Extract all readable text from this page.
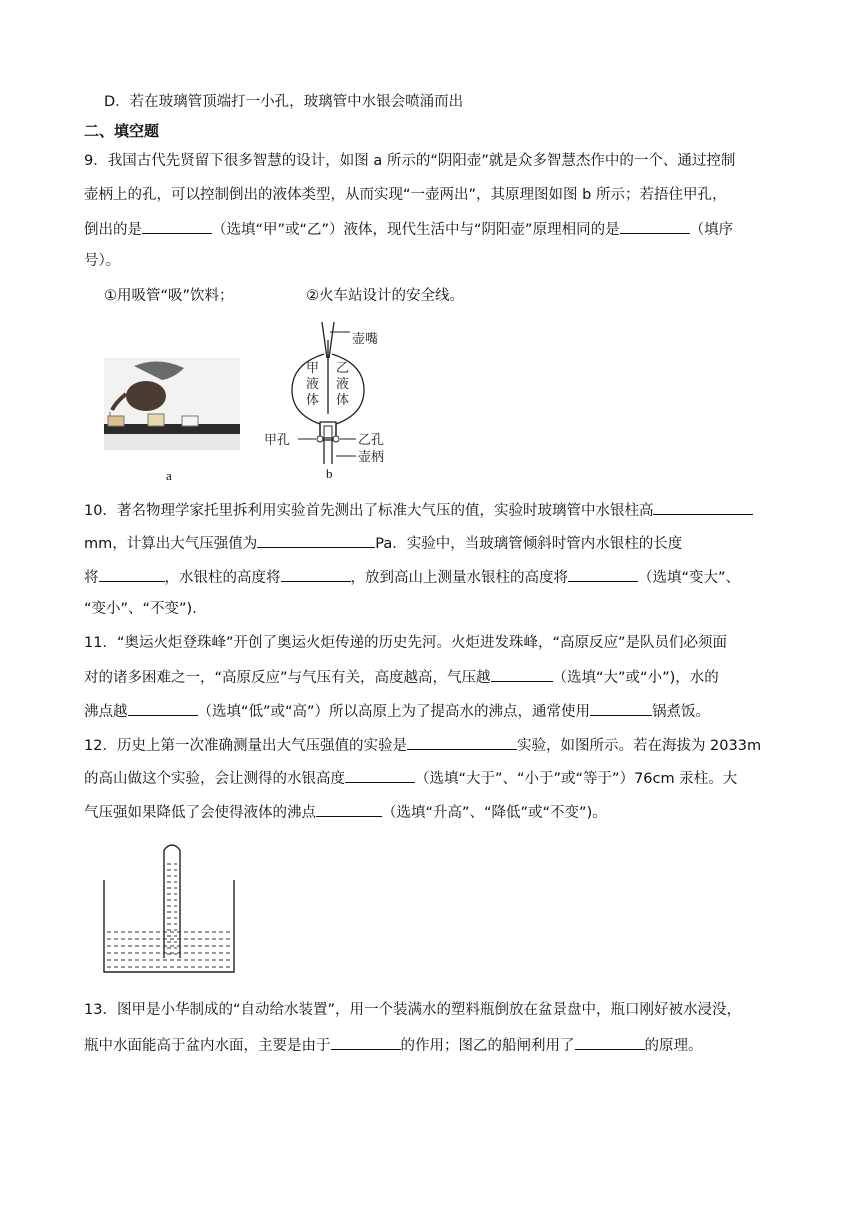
D．若在玻璃管顶端打一小孔，玻璃管中水银会喷涌而出
二、填空题
9．我国古代先贤留下很多智慧的设计，如图 a 所示的“阴阳壶”就是众多智慧杰作中的一个、通过控制
壶柄上的孔，可以控制倒出的液体类型，从而实现“一壶两出”，其原理图如图 b 所示；若捂住甲孔，
倒出的是	（选填“甲”或“乙”）液体，现代生活中与“阴阳壶”原理相同的是	（填序
号）。
①用吸管“吸”饮料；	②火车站设计的安全线。
a
壶嘴
甲
液
体
乙
液
体
甲孔	乙孔
壶柄
b
10．著名物理学家托里拆利用实验首先测出了标准大气压的值，实验时玻璃管中水银柱高
mm，计算出大气压强值为	Pa．实验中，当玻璃管倾斜时管内水银柱的长度
将	，水银柱的高度将	，放到高山上测量水银柱的高度将	（选填“变大”、
“变小”、“不变”)．
11．“奥运火炬登珠峰”开创了奥运火炬传递的历史先河。火炬进发珠峰，“高原反应”是队员们必须面
对的诸多困难之一，“高原反应”与气压有关，高度越高，气压越	（选填“大”或“小”)，水的
沸点越	（选填“低”或“高”）所以高原上为了提高水的沸点，通常使用	锅煮饭。
12．历史上第一次准确测量出大气压强值的实验是	实验，如图所示。若在海拔为 2033m
的高山做这个实验，会让测得的水银高度	（选填“大于”、“小于”或“等于”）76cm 汞柱。大
气压强如果降低了会使得液体的沸点	（选填“升高”、“降低”或“不变”)。
13．图甲是小华制成的“自动给水装置”，用一个装满水的塑料瓶倒放在盆景盘中，瓶口刚好被水浸没，
瓶中水面能高于盆内水面，主要是由于	的作用；图乙的船闸利用了	的原理。
